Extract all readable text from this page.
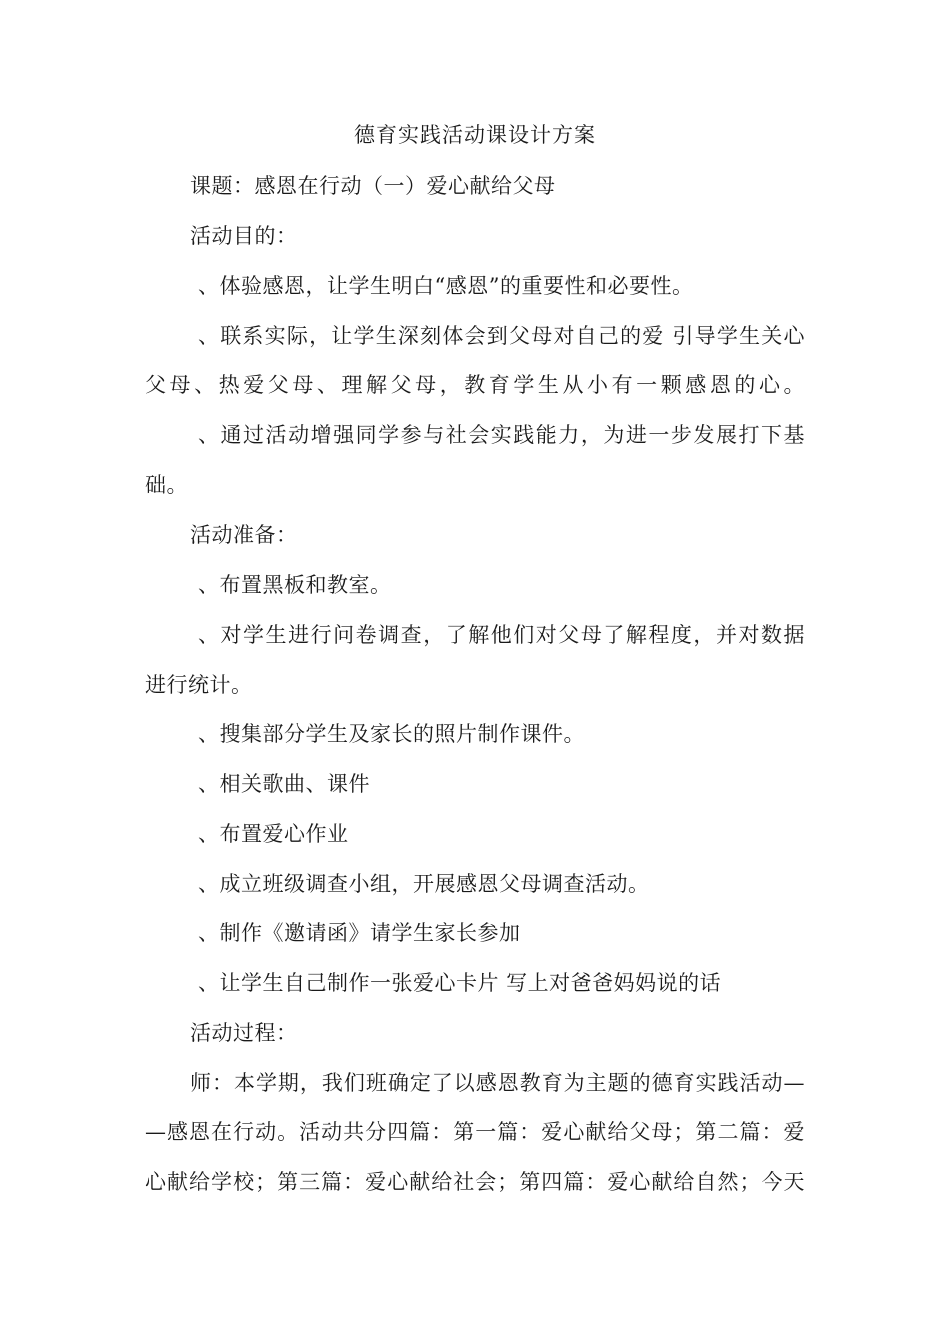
德育实践活动课设计方案
课题：感恩在行动（一）爱心献给父母
活动目的：
、体验感恩，让学生明白“感恩”的重要性和必要性。
、联系实际，让学生深刻体会到父母对自己的爱 引导学生关心
父母、热爱父母、理解父母，教育学生从小有一颗感恩的心。
、通过活动增强同学参与社会实践能力，为进一步发展打下基
础。
活动准备：
、布置黑板和教室。
、对学生进行问卷调查，了解他们对父母了解程度，并对数据
进行统计。
、搜集部分学生及家长的照片制作课件。
、相关歌曲、课件
、布置爱心作业
、成立班级调查小组，开展感恩父母调查活动。
、制作《邀请函》请学生家长参加
、让学生自己制作一张爱心卡片 写上对爸爸妈妈说的话
活动过程：
师：本学期，我们班确定了以感恩教育为主题的德育实践活动—
—感恩在行动。活动共分四篇：第一篇：爱心献给父母；第二篇：爱
心献给学校；第三篇：爱心献给社会；第四篇：爱心献给自然；今天
